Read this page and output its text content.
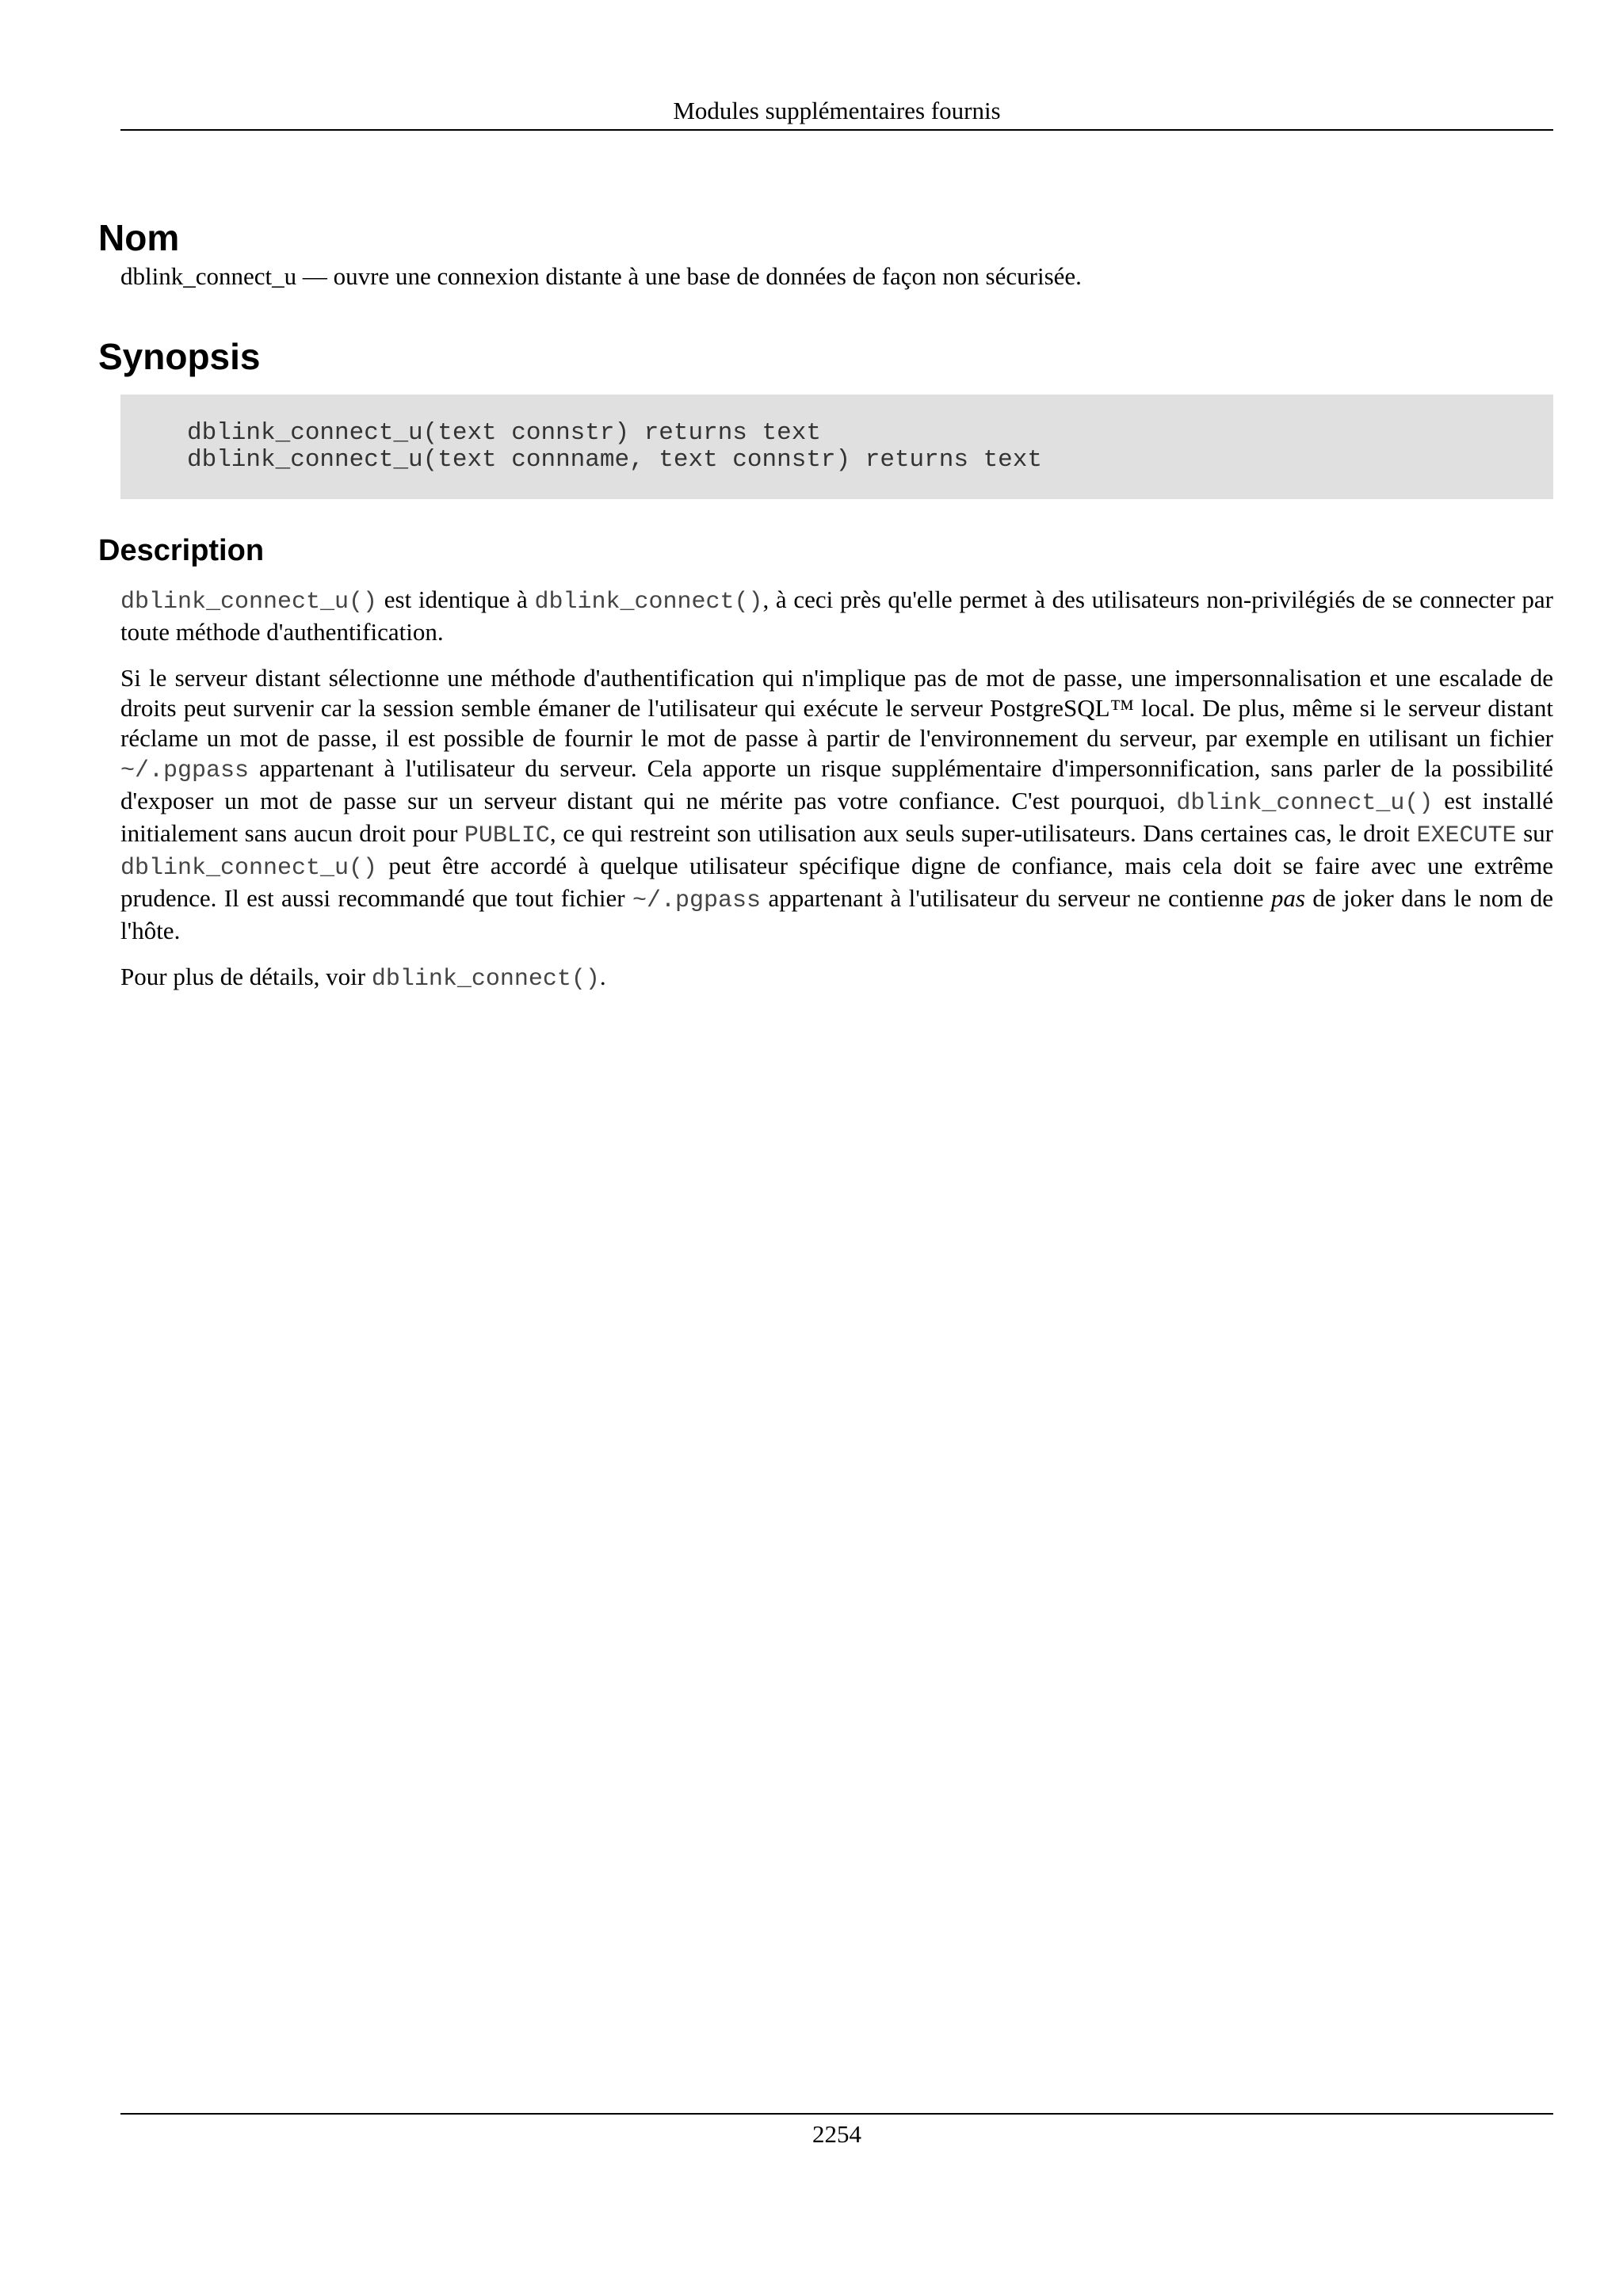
Modules supplémentaires fournis
Nom

dblink_connect_u — ouvre une connexion distante à une base de données de façon non sécurisée.

Synopsis
dblink_connect_u(text connstr) returns text
dblink_connect_u(text connname, text connstr) returns text
Description

dblink_connect_u() est identique à dblink_connect(), à ceci près qu'elle permet à des utilisateurs non-privilégiés de se connecter par toute méthode d'authentification.

Si le serveur distant sélectionne une méthode d'authentification qui n'implique pas de mot de passe, une impersonnalisation et une escalade de droits peut survenir car la session semble émaner de l'utilisateur qui exécute le serveur PostgreSQL™ local. De plus, même si le serveur distant réclame un mot de passe, il est possible de fournir le mot de passe à partir de l'environnement du serveur, par exemple en utilisant un fichier ~/.pgpass appartenant à l'utilisateur du serveur. Cela apporte un risque supplémentaire d'impersonnification, sans parler de la possibilité d'exposer un mot de passe sur un serveur distant qui ne mérite pas votre confiance. C'est pourquoi, dblink_connect_u() est installé initialement sans aucun droit pour PUBLIC, ce qui restreint son utilisation aux seuls super-utilisateurs. Dans certaines cas, le droit EXECUTE sur dblink_connect_u() peut être accordé à quelque utilisateur spécifique digne de confiance, mais cela doit se faire avec une extrême prudence. Il est aussi recommandé que tout fichier ~/.pgpass appartenant à l'utilisateur du serveur ne contienne pas de joker dans le nom de l'hôte.

Pour plus de détails, voir dblink_connect().

2254
